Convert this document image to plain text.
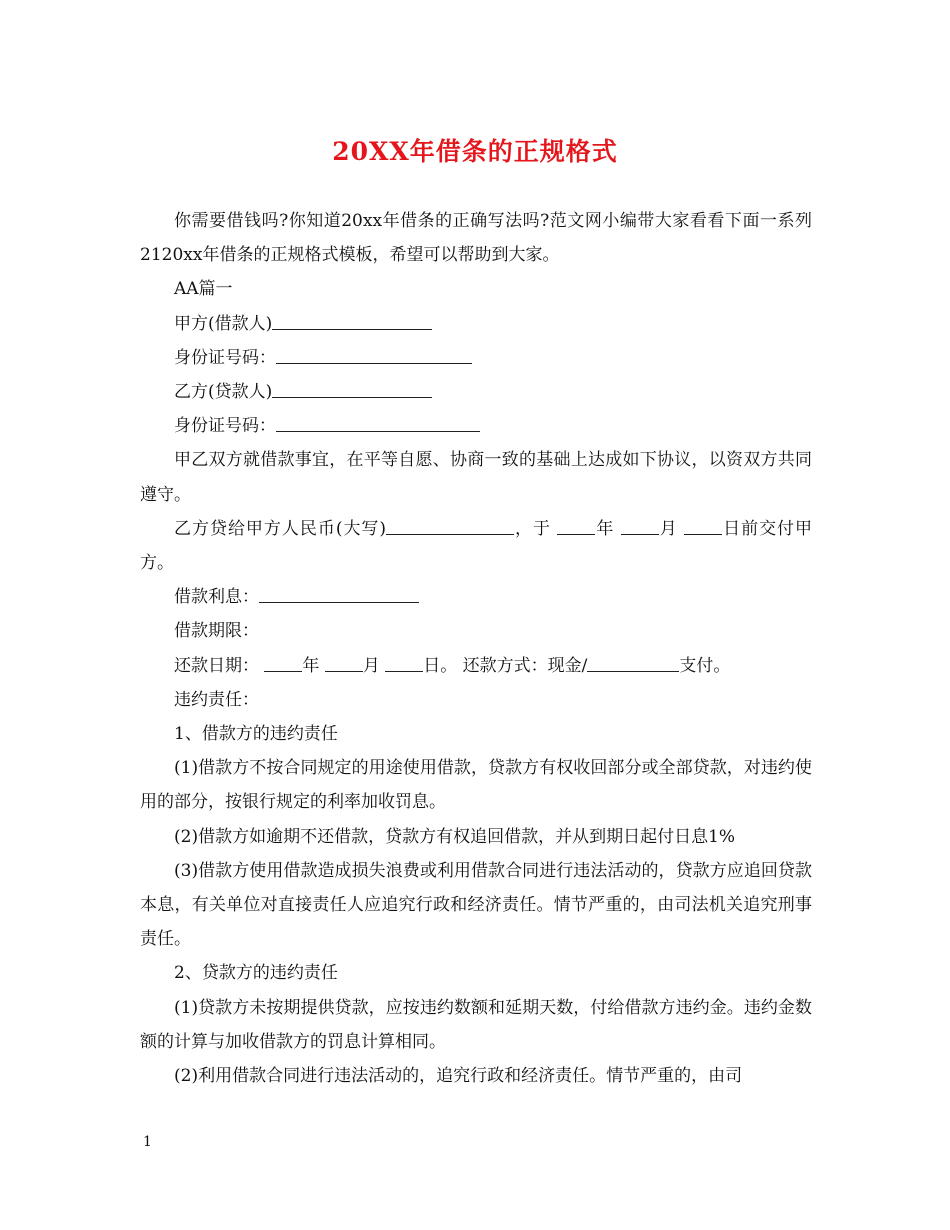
20XX年借条的正规格式

你需要借钱吗?你知道20xx年借条的正确写法吗?范文网小编带大家看看下面一系列2120xx年借条的正规格式模板，希望可以帮助到大家。

AA篇一

甲方(借款人)

身份证号码：

乙方(贷款人)

身份证号码：

甲乙双方就借款事宜，在平等自愿、协商一致的基础上达成如下协议，以资双方共同遵守。

乙方贷给甲方人民币(大写)	，于	年	月	日前交付甲方。

借款利息：

借款期限：

还款日期：	年	月	日。 还款方式：现金/	支付。

违约责任：

1、借款方的违约责任

(1)借款方不按合同规定的用途使用借款，贷款方有权收回部分或全部贷款，对违约使用的部分，按银行规定的利率加收罚息。

(2)借款方如逾期不还借款，贷款方有权追回借款，并从到期日起付日息1%

(3)借款方使用借款造成损失浪费或利用借款合同进行违法活动的，贷款方应追回贷款本息，有关单位对直接责任人应追究行政和经济责任。情节严重的，由司法机关追究刑事责任。

2、贷款方的违约责任

(1)贷款方未按期提供贷款，应按违约数额和延期天数，付给借款方违约金。违约金数额的计算与加收借款方的罚息计算相同。

(2)利用借款合同进行违法活动的，追究行政和经济责任。情节严重的，由司

1
